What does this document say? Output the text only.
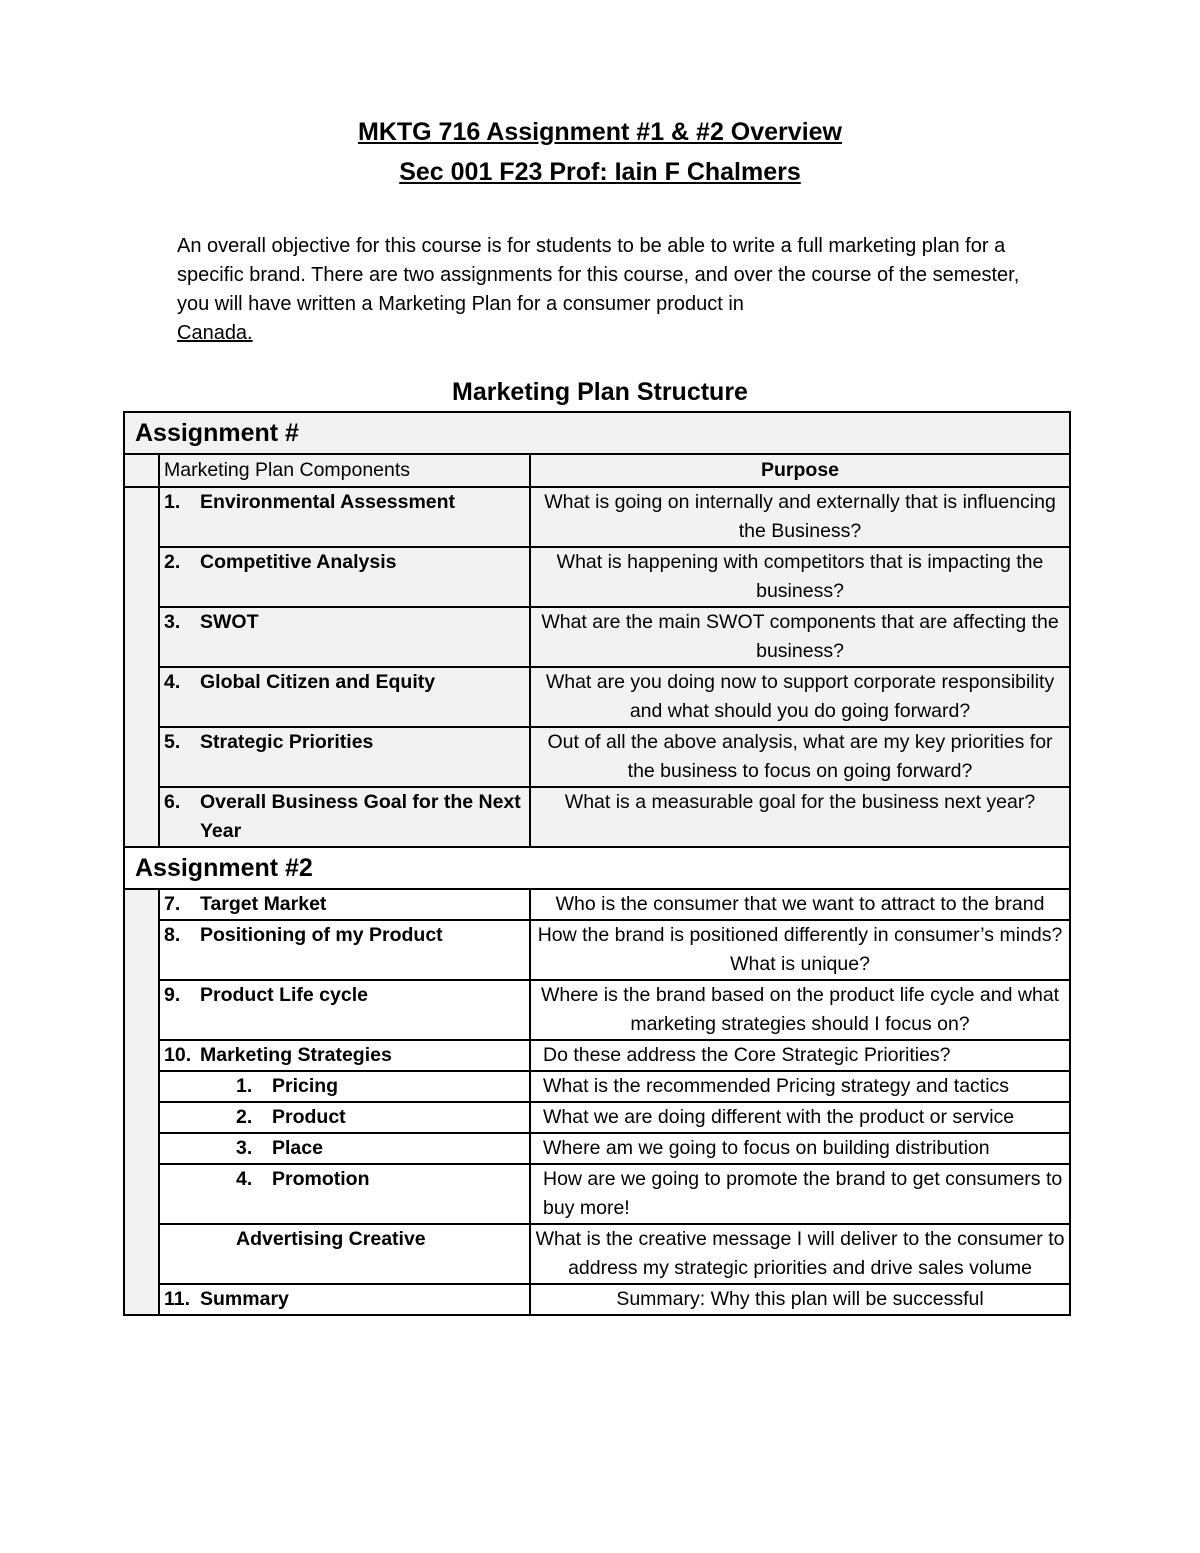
MKTG 716 Assignment #1 & #2 Overview
Sec 001 F23 Prof: Iain F Chalmers
An overall objective for this course is for students to be able to write a full marketing plan for a specific brand. There are two assignments for this course, and over the course of the semester, you will have written a Marketing Plan for a consumer product in
Canada.
Marketing Plan Structure
Assignment #		
	Marketing Plan Components	Purpose

	1. Environmental Assessment	What is going on internally and externally that is influencing the Business?

	2. Competitive Analysis	What is happening with competitors that is impacting the business?

	3. SWOT	What are the main SWOT components that are affecting the business?

	4. Global Citizen and Equity	What are you doing now to support corporate responsibility and what should you do going forward?

	5. Strategic Priorities	Out of all the above analysis, what are my key priorities for the business to focus on going forward?

	6. Overall Business Goal for the Next Year	What is a measurable goal for the business next year?
Assignment #2		

	7. Target Market	Who is the consumer that we want to attract to the brand

	8. Positioning of my Product	How the brand is positioned differently in consumer’s minds? What is unique?

	9. Product Life cycle	Where is the brand based on the product life cycle and what marketing strategies should I focus on?

	10. Marketing Strategies	Do these address the Core Strategic Priorities?

	1. Pricing	What is the recommended Pricing strategy and tactics

	2. Product	What we are doing different with the product or service

	3. Place	Where am we going to focus on building distribution

	4. Promotion	How are we going to promote the brand to get consumers to buy more!

	Advertising Creative	What is the creative message I will deliver to the consumer to address my strategic priorities and drive sales volume

	11. Summary	Summary: Why this plan will be successful
